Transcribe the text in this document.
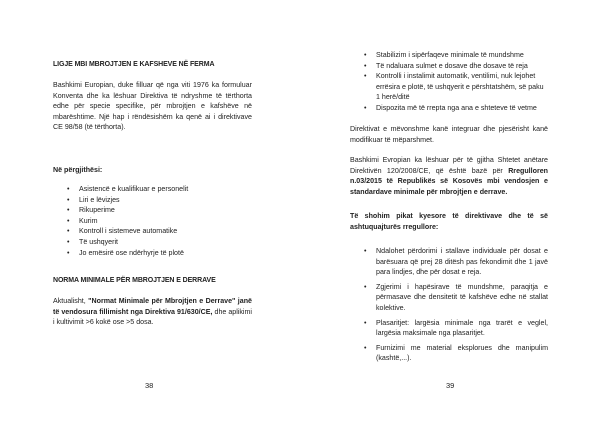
LIGJE MBI MBROJTJEN E KAFSHEVE NË FERMA
Bashkimi Europian, duke filluar që nga viti 1976 ka formuluar Konventa dhe ka lëshuar Direktiva të ndryshme të tërthorta edhe për specie specifike, për mbrojtjen e kafshëve në mbarështime. Një hap i rëndësishëm ka qenë ai i direktivave CE 98/58 (të tërthorta).
Në përgjithësi:
• Asistencë e kualifikuar e personelit
• Liri e lëvizjes
• Rikuperime
• Kurim
• Kontroll i sistemeve automatike
• Të ushqyerit
• Jo emësirë ose ndërhyrje të plotë
NORMA MINIMALE PËR MBROJTJEN E DERRAVE
Aktualisht, "Normat Minimale për Mbrojtjen e Derrave" janë të vendosura fillimisht nga Direktiva 91/630/CE, dhe aplikimi i kultivimit >6 kokë ose >5 dosa.
38
• Stabilizim i sipërfaqeve minimale të mundshme
• Të ndaluara sulmet e dosave dhe dosave të reja
• Kontrolli i instalimit automatik, ventilimi, nuk lejohet errësira e plotë, të ushqyerit e përshtatshëm, së paku 1 herë/ditë
• Dispozita më të rrepta nga ana e shteteve të vetme
Direktivat e mëvonshme kanë integruar dhe pjesërisht kanë modifikuar të mëparshmet.
Bashkimi Evropian ka lëshuar për të gjitha Shtetet anëtare Direktivën 120/2008/CE, që është bazë për Rregulloren n.03/2015 të Republikës së Kosovës mbi vendosjen e standardave minimale për mbrojtjen e derrave.
Të shohim pikat kyesore të direktivave dhe të së ashtuquajturës rregullore:
• Ndalohet përdorimi i stallave individuale për dosat e barësuara që prej 28 ditësh pas fekondimit dhe 1 javë para lindjes, dhe për dosat e reja.
• Zgjerimi i hapësirave të mundshme, paraqitja e përmasave dhe densitetit të kafshëve edhe në stallat kolektive.
• Plasaritjet: largësia minimale nga trarët e veglel, largësia maksimale nga plasaritjet.
• Furnizimi me material eksplorues dhe manipulim (kashtë,...).
39
